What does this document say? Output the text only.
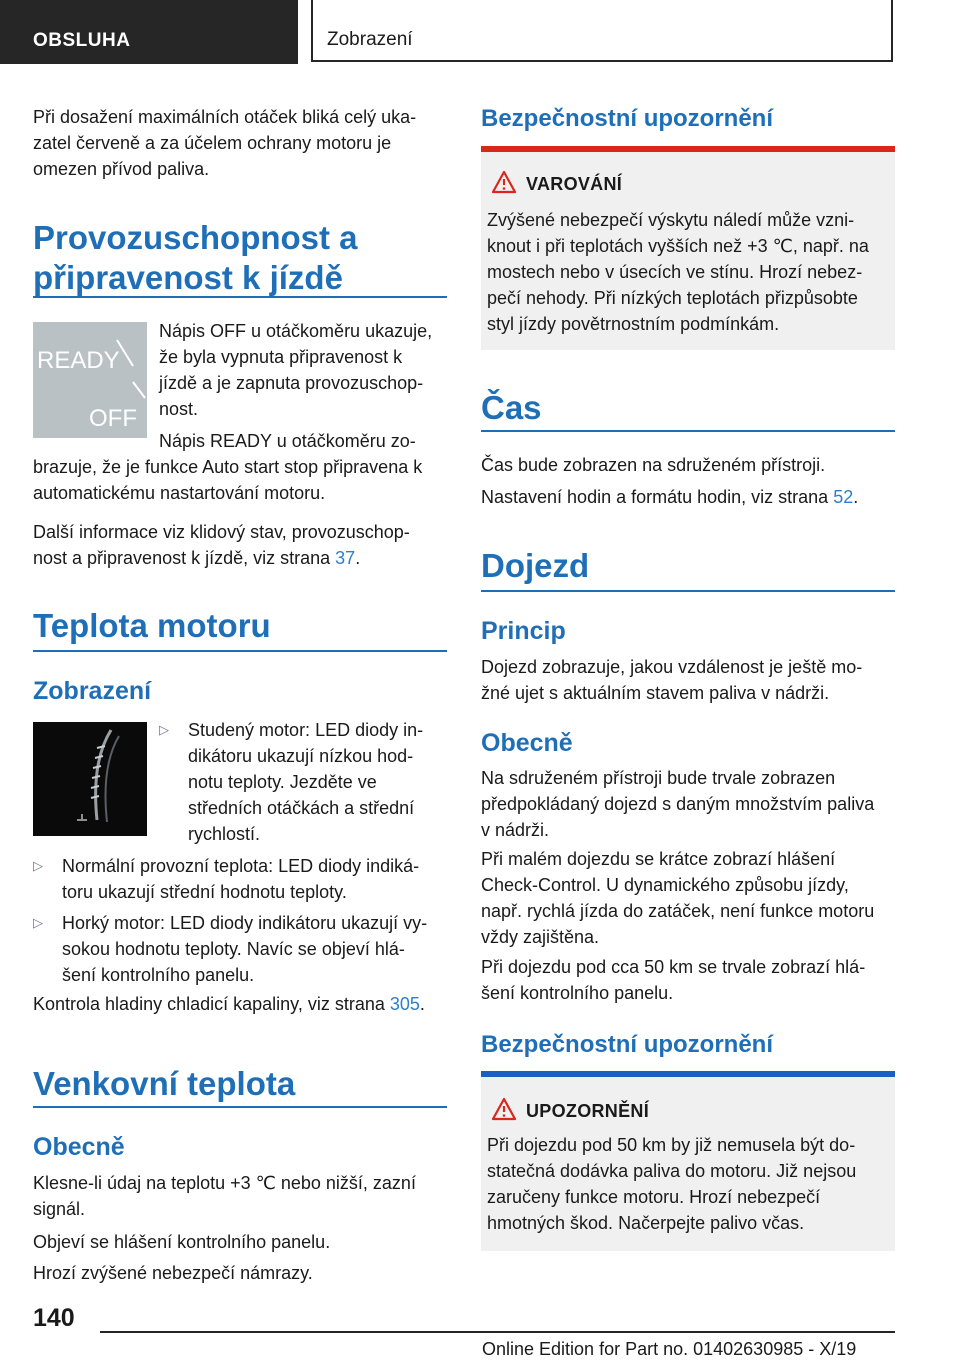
OBSLUHA	Zobrazení
Při dosažení maximálních otáček bliká celý uka-
zatel červeně a za účelem ochrany motoru je
omezen přívod paliva.
Provozuschopnost a
připravenost k jízdě
READY
OFF
Nápis OFF u otáčkoměru ukazuje,
že byla vypnuta připravenost k
jízdě a je zapnuta provozuschop-
nost.
Nápis READY u otáčkoměru zo-
brazuje, že je funkce Auto start stop připravena k
automatickému nastartování motoru.
Další informace viz klidový stav, provozuschop-
nost a připravenost k jízdě, viz strana 37.
Teplota motoru
Zobrazení
▷ Studený motor: LED diody in-
dikátoru ukazují nízkou hod-
notu teploty. Jezděte ve
středních otáčkách a střední
rychlostí.
▷ Normální provozní teplota: LED diody indiká-
toru ukazují střední hodnotu teploty.
▷ Horký motor: LED diody indikátoru ukazují vy-
sokou hodnotu teploty. Navíc se objeví hlá-
šení kontrolního panelu.
Kontrola hladiny chladicí kapaliny, viz strana 305.
Venkovní teplota
Obecně
Klesne-li údaj na teplotu +3 ℃ nebo nižší, zazní
signál.
Objeví se hlášení kontrolního panelu.
Hrozí zvýšené nebezpečí námrazy.
Bezpečnostní upozornění
VAROVÁNÍ
Zvýšené nebezpečí výskytu náledí může vzni-
knout i při teplotách vyšších než +3 ℃, např. na
mostech nebo v úsecích ve stínu. Hrozí nebez-
pečí nehody. Při nízkých teplotách přizpůsobte
styl jízdy povětrnostním podmínkám.
Čas
Čas bude zobrazen na sdruženém přístroji.
Nastavení hodin a formátu hodin, viz strana 52.
Dojezd
Princip
Dojezd zobrazuje, jakou vzdálenost je ještě mo-
žné ujet s aktuálním stavem paliva v nádrži.
Obecně
Na sdruženém přístroji bude trvale zobrazen
předpokládaný dojezd s daným množstvím paliva
v nádrži.
Při malém dojezdu se krátce zobrazí hlášení
Check-Control. U dynamického způsobu jízdy,
např. rychlá jízda do zatáček, není funkce motoru
vždy zajištěna.
Při dojezdu pod cca 50 km se trvale zobrazí hlá-
šení kontrolního panelu.
Bezpečnostní upozornění
UPOZORNĚNÍ
Při dojezdu pod 50 km by již nemusela být do-
statečná dodávka paliva do motoru. Již nejsou
zaručeny funkce motoru. Hrozí nebezpečí
hmotných škod. Načerpejte palivo včas.
140
Online Edition for Part no. 01402630985 - X/19
